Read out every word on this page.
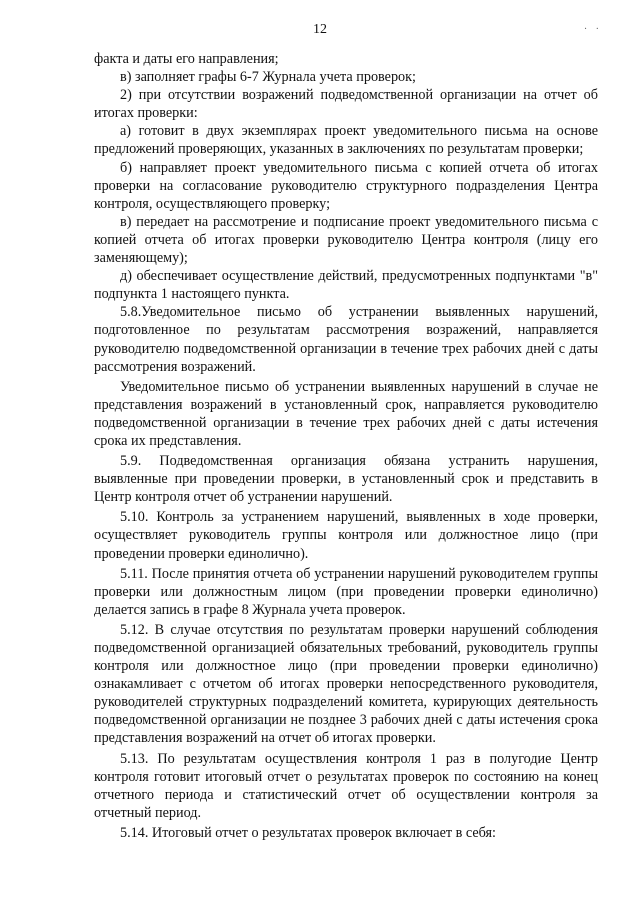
12	· ·

факта и даты его направления;

в) заполняет графы 6-7 Журнала учета проверок;

2) при отсутствии возражений подведомственной организации на отчет об итогах проверки:

а) готовит в двух экземплярах проект уведомительного письма на основе предложений проверяющих, указанных в заключениях по результатам проверки;

б) направляет проект уведомительного письма с копией отчета об итогах проверки на согласование руководителю структурного подразделения Центра контроля, осуществляющего проверку;

в) передает на рассмотрение и подписание проект уведомительного письма с копией отчета об итогах проверки руководителю Центра контроля (лицу его заменяющему);

д) обеспечивает осуществление действий, предусмотренных подпунктами "в" подпункта 1 настоящего пункта.

5.8.Уведомительное письмо об устранении выявленных нарушений, подготовленное по результатам рассмотрения возражений, направляется руководителю подведомственной организации в течение трех рабочих дней с даты рассмотрения возражений.

Уведомительное письмо об устранении выявленных нарушений в случае не представления возражений в установленный срок, направляется руководителю подведомственной организации в течение трех рабочих дней с даты истечения срока их представления.

5.9. Подведомственная организация обязана устранить нарушения, выявленные при проведении проверки, в установленный срок и представить в Центр контроля отчет об устранении нарушений.

5.10. Контроль за устранением нарушений, выявленных в ходе проверки, осуществляет руководитель группы контроля или должностное лицо (при проведении проверки единолично).

5.11. После принятия отчета об устранении нарушений руководителем группы проверки или должностным лицом (при проведении проверки единолично) делается запись в графе 8 Журнала учета проверок.

5.12. В случае отсутствия по результатам проверки нарушений соблюдения подведомственной организацией обязательных требований, руководитель группы контроля или должностное лицо (при проведении проверки единолично) ознакамливает с отчетом об итогах проверки непосредственного руководителя, руководителей структурных подразделений комитета, курирующих деятельность подведомственной организации не позднее 3 рабочих дней с даты истечения срока представления возражений на отчет об итогах проверки.

5.13. По результатам осуществления контроля 1 раз в полугодие Центр контроля готовит итоговый отчет о результатах проверок по состоянию на конец отчетного периода и статистический отчет об осуществлении контроля за отчетный период.

5.14. Итоговый отчет о результатах проверок включает в себя:
